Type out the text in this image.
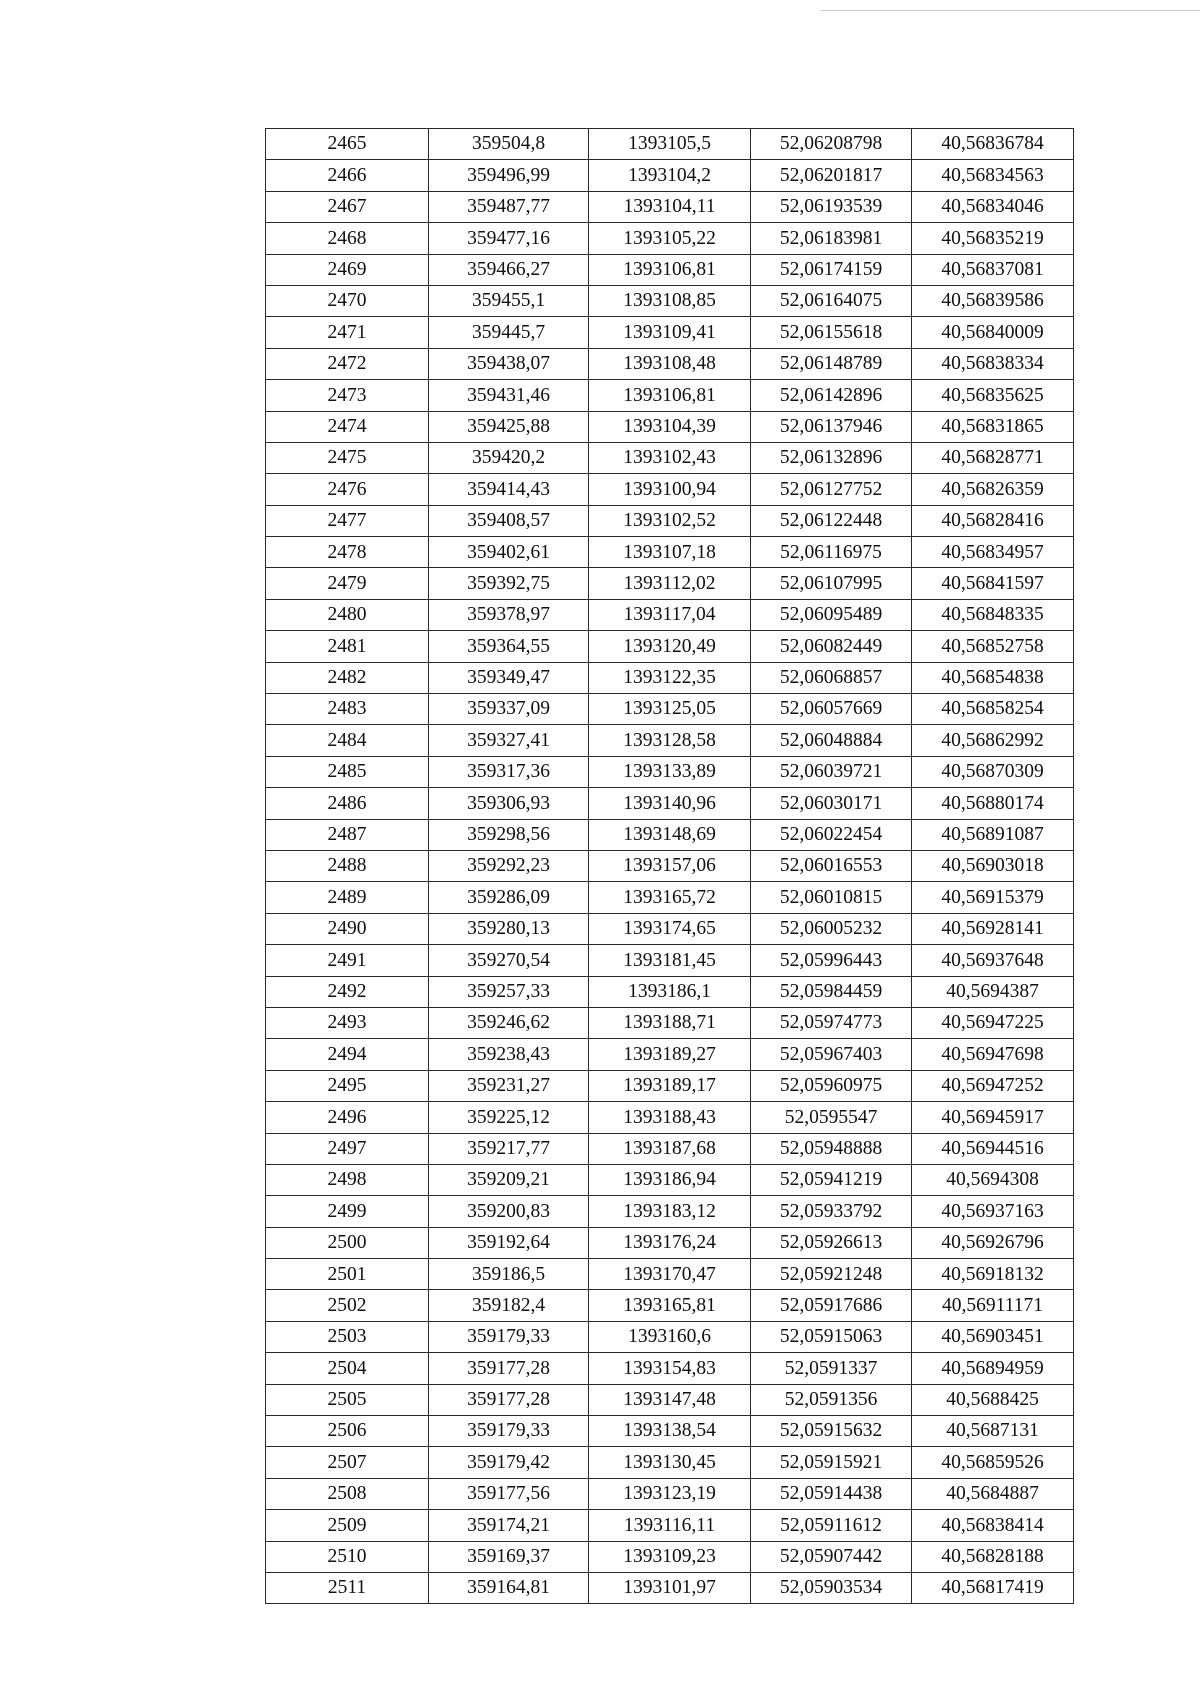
2465	359504,8	1393105,5	52,06208798	40,56836784
2466	359496,99	1393104,2	52,06201817	40,56834563
2467	359487,77	1393104,11	52,06193539	40,56834046
2468	359477,16	1393105,22	52,06183981	40,56835219
2469	359466,27	1393106,81	52,06174159	40,56837081
2470	359455,1	1393108,85	52,06164075	40,56839586
2471	359445,7	1393109,41	52,06155618	40,56840009
2472	359438,07	1393108,48	52,06148789	40,56838334
2473	359431,46	1393106,81	52,06142896	40,56835625
2474	359425,88	1393104,39	52,06137946	40,56831865
2475	359420,2	1393102,43	52,06132896	40,56828771
2476	359414,43	1393100,94	52,06127752	40,56826359
2477	359408,57	1393102,52	52,06122448	40,56828416
2478	359402,61	1393107,18	52,06116975	40,56834957
2479	359392,75	1393112,02	52,06107995	40,56841597
2480	359378,97	1393117,04	52,06095489	40,56848335
2481	359364,55	1393120,49	52,06082449	40,56852758
2482	359349,47	1393122,35	52,06068857	40,56854838
2483	359337,09	1393125,05	52,06057669	40,56858254
2484	359327,41	1393128,58	52,06048884	40,56862992
2485	359317,36	1393133,89	52,06039721	40,56870309
2486	359306,93	1393140,96	52,06030171	40,56880174
2487	359298,56	1393148,69	52,06022454	40,56891087
2488	359292,23	1393157,06	52,06016553	40,56903018
2489	359286,09	1393165,72	52,06010815	40,56915379
2490	359280,13	1393174,65	52,06005232	40,56928141
2491	359270,54	1393181,45	52,05996443	40,56937648
2492	359257,33	1393186,1	52,05984459	40,5694387
2493	359246,62	1393188,71	52,05974773	40,56947225
2494	359238,43	1393189,27	52,05967403	40,56947698
2495	359231,27	1393189,17	52,05960975	40,56947252
2496	359225,12	1393188,43	52,0595547	40,56945917
2497	359217,77	1393187,68	52,05948888	40,56944516
2498	359209,21	1393186,94	52,05941219	40,5694308
2499	359200,83	1393183,12	52,05933792	40,56937163
2500	359192,64	1393176,24	52,05926613	40,56926796
2501	359186,5	1393170,47	52,05921248	40,56918132
2502	359182,4	1393165,81	52,05917686	40,56911171
2503	359179,33	1393160,6	52,05915063	40,56903451
2504	359177,28	1393154,83	52,0591337	40,56894959
2505	359177,28	1393147,48	52,0591356	40,5688425
2506	359179,33	1393138,54	52,05915632	40,5687131
2507	359179,42	1393130,45	52,05915921	40,56859526
2508	359177,56	1393123,19	52,05914438	40,5684887
2509	359174,21	1393116,11	52,05911612	40,56838414
2510	359169,37	1393109,23	52,05907442	40,56828188
2511	359164,81	1393101,97	52,05903534	40,56817419
